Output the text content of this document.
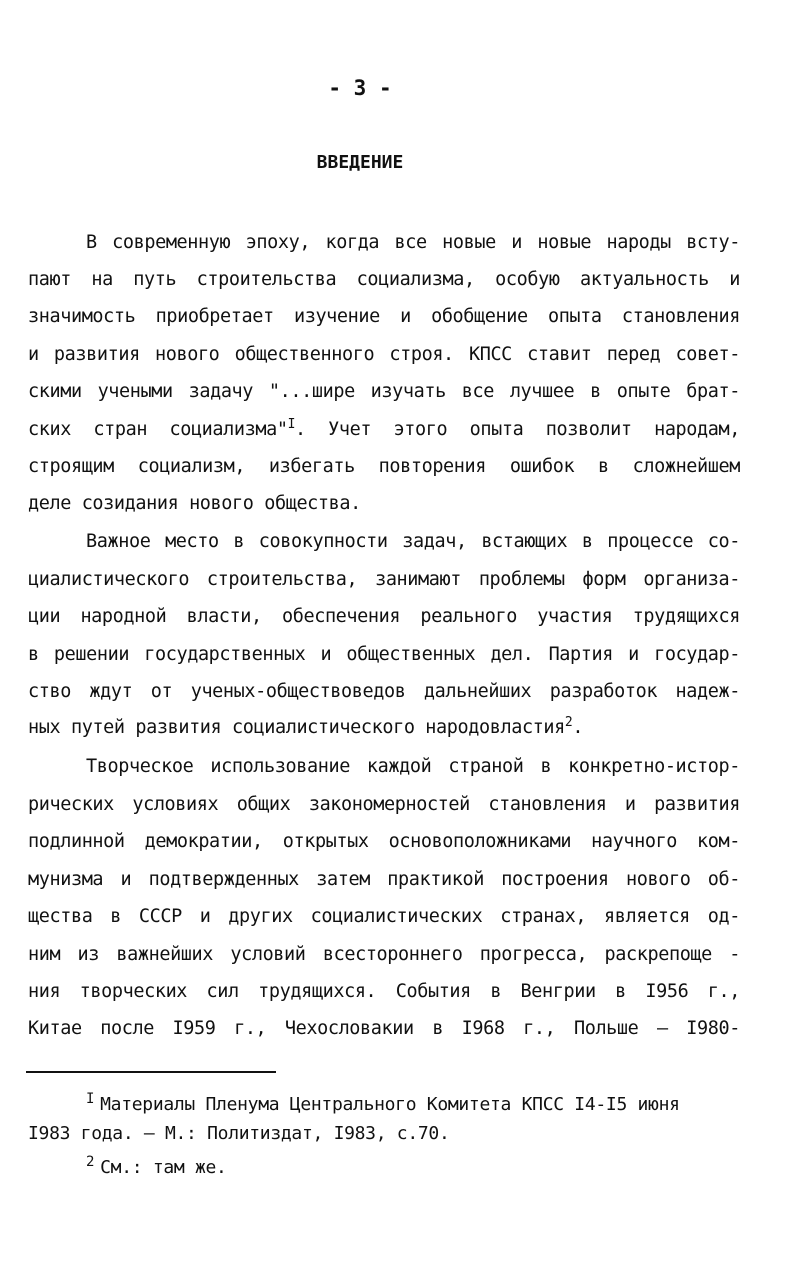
- 3 -
ВВЕДЕНИЕ
В современную эпоху, когда все новые и новые народы всту-
пают на путь строительства социализма, особую актуальность и
значимость приобретает изучение и обобщение опыта становления
и развития нового общественного строя. КПСС ставит перед совет-
скими учеными задачу "...шире изучать все лучшее в опыте брат-
ских стран социализма"$^I$. Учет этого опыта позволит народам,
строящим социализм, избегать повторения ошибок в сложнейшем
деле созидания нового общества.
Важное место в совокупности задач, встающих в процессе со-
циалистического строительства, занимают проблемы форм организа-
ции народной власти, обеспечения реального участия трудящихся
в решении государственных и общественных дел. Партия и государ-
ство ждут от ученых-обществоведов дальнейших разработок надеж-
ных путей развития социалистического народовластия$^2$.
Творческое использование каждой страной в конкретно-истор-
рических условиях общих закономерностей становления и развития
подлинной демократии, открытых основоположниками научного ком-
мунизма и подтвержденных затем практикой построения нового об-
щества в СССР и других социалистических странах, является од-
ним из важнейших условий всестороннего прогресса, раскрепоще -
ния творческих сил трудящихся. События в Венгрии в I956 г.,
Китае после I959 г., Чехословакии в I968 г., Польше — I980-
$^I$ Материалы Пленума Центрального Комитета КПСС I4-I5 июня
I983 года. — М.: Политиздат, I983, с.70.
$^2$ См.: там же.
